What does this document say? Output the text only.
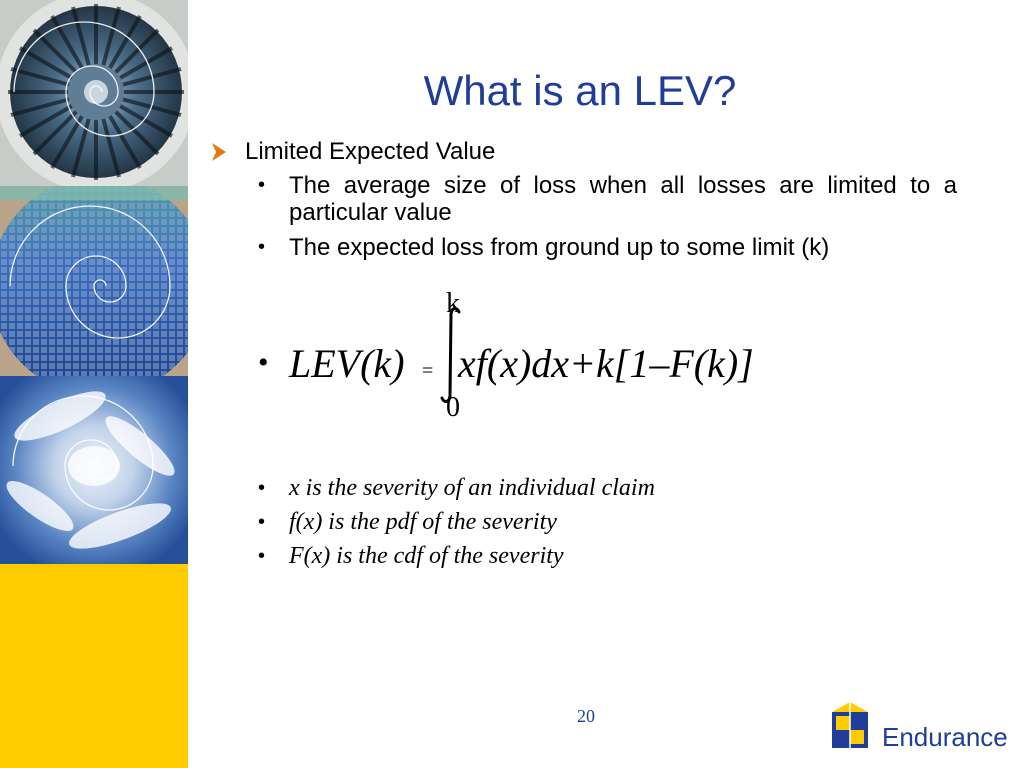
What is an LEV?
Limited Expected Value
• The average size of loss when all losses are limited to a particular value
• The expected loss from ground up to some limit (k)
• LEV(k) =
k
0
xf(x)dx+k[1–F(k)]
• x is the severity of an individual claim
• f(x) is the pdf of the severity
• F(x) is the cdf of the severity
20
Endurance
